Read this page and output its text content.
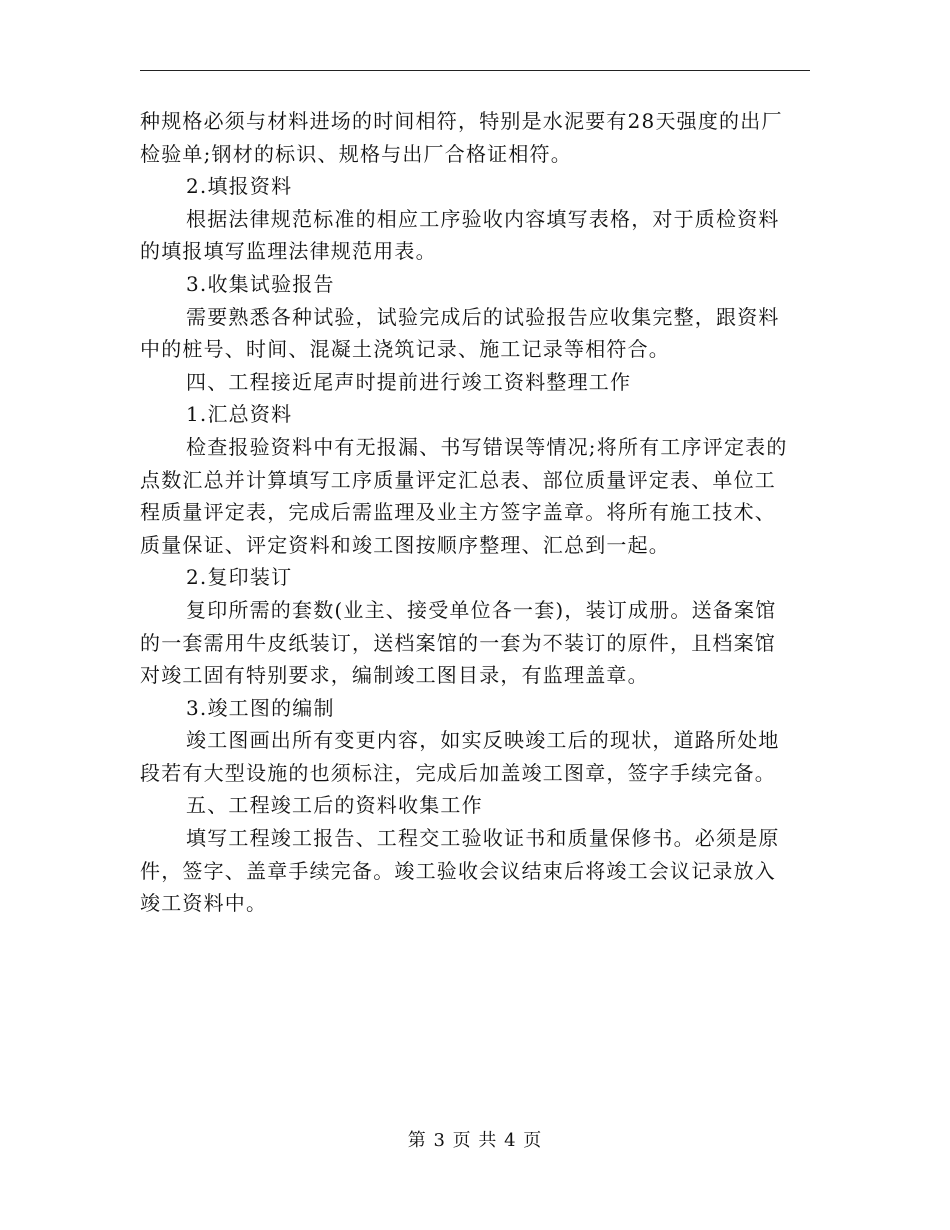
种规格必须与材料进场的时间相符，特别是水泥要有28天强度的出厂
检验单;钢材的标识、规格与出厂合格证相符。
2.填报资料
根据法律规范标准的相应工序验收内容填写表格，对于质检资料
的填报填写监理法律规范用表。
3.收集试验报告
需要熟悉各种试验，试验完成后的试验报告应收集完整，跟资料
中的桩号、时间、混凝土浇筑记录、施工记录等相符合。
四、工程接近尾声时提前进行竣工资料整理工作
1.汇总资料
检查报验资料中有无报漏、书写错误等情况;将所有工序评定表的
点数汇总并计算填写工序质量评定汇总表、部位质量评定表、单位工
程质量评定表，完成后需监理及业主方签字盖章。将所有施工技术、
质量保证、评定资料和竣工图按顺序整理、汇总到一起。
2.复印装订
复印所需的套数(业主、接受单位各一套)，装订成册。送备案馆
的一套需用牛皮纸装订，送档案馆的一套为不装订的原件，且档案馆
对竣工固有特别要求，编制竣工图目录，有监理盖章。
3.竣工图的编制
竣工图画出所有变更内容，如实反映竣工后的现状，道路所处地
段若有大型设施的也须标注，完成后加盖竣工图章，签字手续完备。
五、工程竣工后的资料收集工作
填写工程竣工报告、工程交工验收证书和质量保修书。必须是原
件，签字、盖章手续完备。竣工验收会议结束后将竣工会议记录放入
竣工资料中。
第 3 页 共 4 页
